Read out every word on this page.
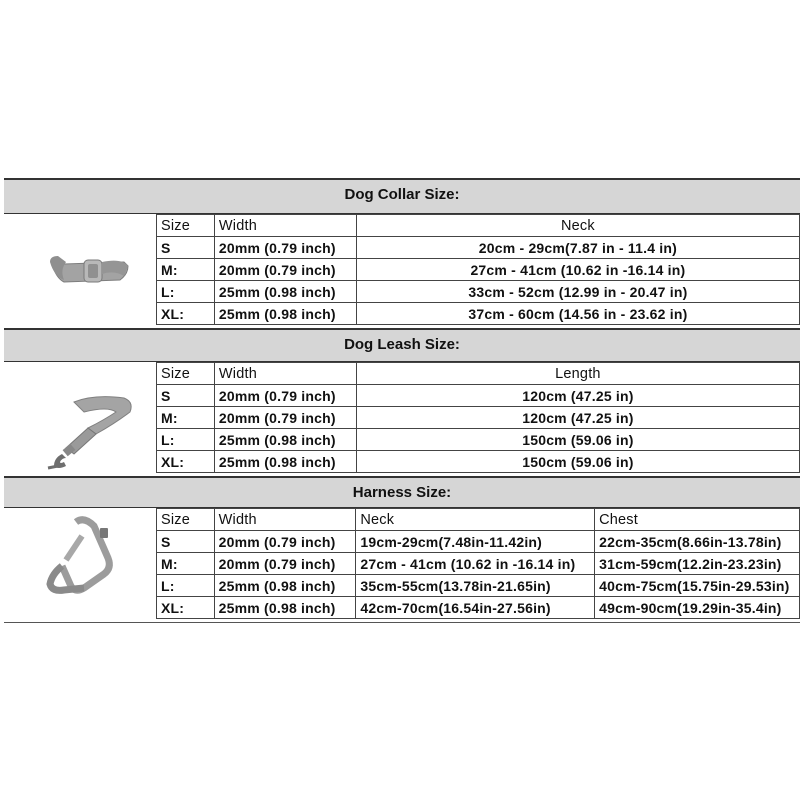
Dog Collar Size:
Size	Width	Neck
S	20mm (0.79 inch)	20cm - 29cm(7.87 in - 11.4 in)
M:	20mm (0.79 inch)	27cm - 41cm (10.62 in -16.14 in)
L:	25mm (0.98 inch)	33cm - 52cm (12.99 in - 20.47 in)
XL:	25mm (0.98 inch)	37cm - 60cm (14.56 in - 23.62 in)
Dog Leash Size:
Size	Width	Length
S	20mm (0.79 inch)	120cm (47.25 in)
M:	20mm (0.79 inch)	120cm (47.25 in)
L:	25mm (0.98 inch)	150cm (59.06 in)
XL:	25mm (0.98 inch)	150cm (59.06 in)
Harness Size:
Size	Width	Neck	Chest
S	20mm (0.79 inch)	19cm-29cm(7.48in-11.42in)	22cm-35cm(8.66in-13.78in)
M:	20mm (0.79 inch)	27cm - 41cm (10.62 in -16.14 in)	31cm-59cm(12.2in-23.23in)
L:	25mm (0.98 inch)	35cm-55cm(13.78in-21.65in)	40cm-75cm(15.75in-29.53in)
XL:	25mm (0.98 inch)	42cm-70cm(16.54in-27.56in)	49cm-90cm(19.29in-35.4in)
